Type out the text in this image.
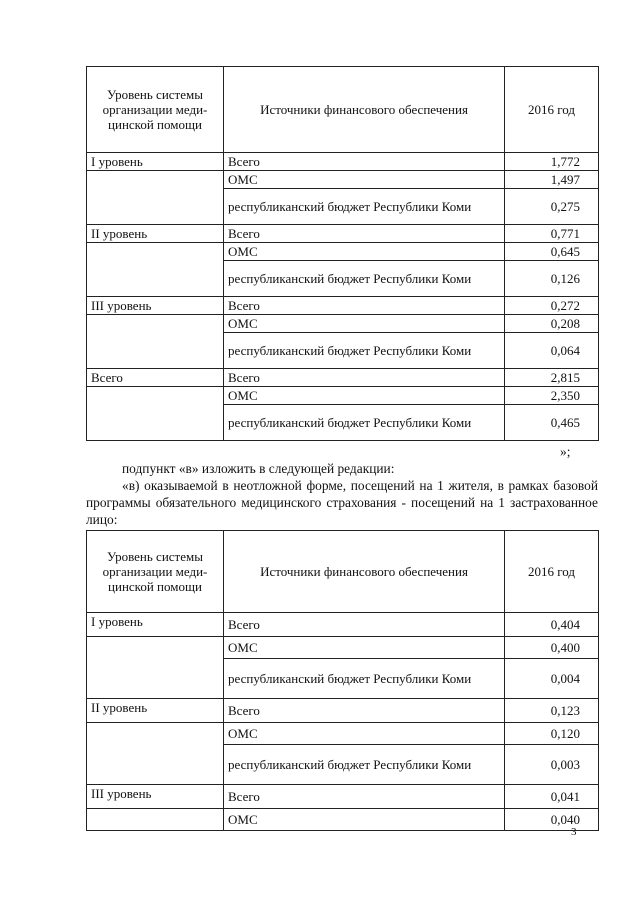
Уровень системы организации меди-цинской помощи	Источники финансового обеспечения	2016 год
I уровень	Всего	1,772
	ОМС	1,497
	республиканский бюджет Республики Коми	0,275
II уровень	Всего	0,771
	ОМС	0,645
	республиканский бюджет Республики Коми	0,126
III уровень	Всего	0,272
	ОМС	0,208
	республиканский бюджет Республики Коми	0,064
Всего	Всего	2,815
	ОМС	2,350
	республиканский бюджет Республики Коми	0,465
»;
подпункт «в» изложить в следующей редакции:
«в) оказываемой в неотложной форме, посещений на 1 жителя, в рамках базовой программы обязательного медицинского страхования - посещений на 1 застрахованное лицо:
Уровень системы организации меди-цинской помощи	Источники финансового обеспечения	2016 год
I уровень	Всего	0,404
	ОМС	0,400
	республиканский бюджет Республики Коми	0,004
II уровень	Всего	0,123
	ОМС	0,120
	республиканский бюджет Республики Коми	0,003
III уровень	Всего	0,041
	ОМС	0,040
3
